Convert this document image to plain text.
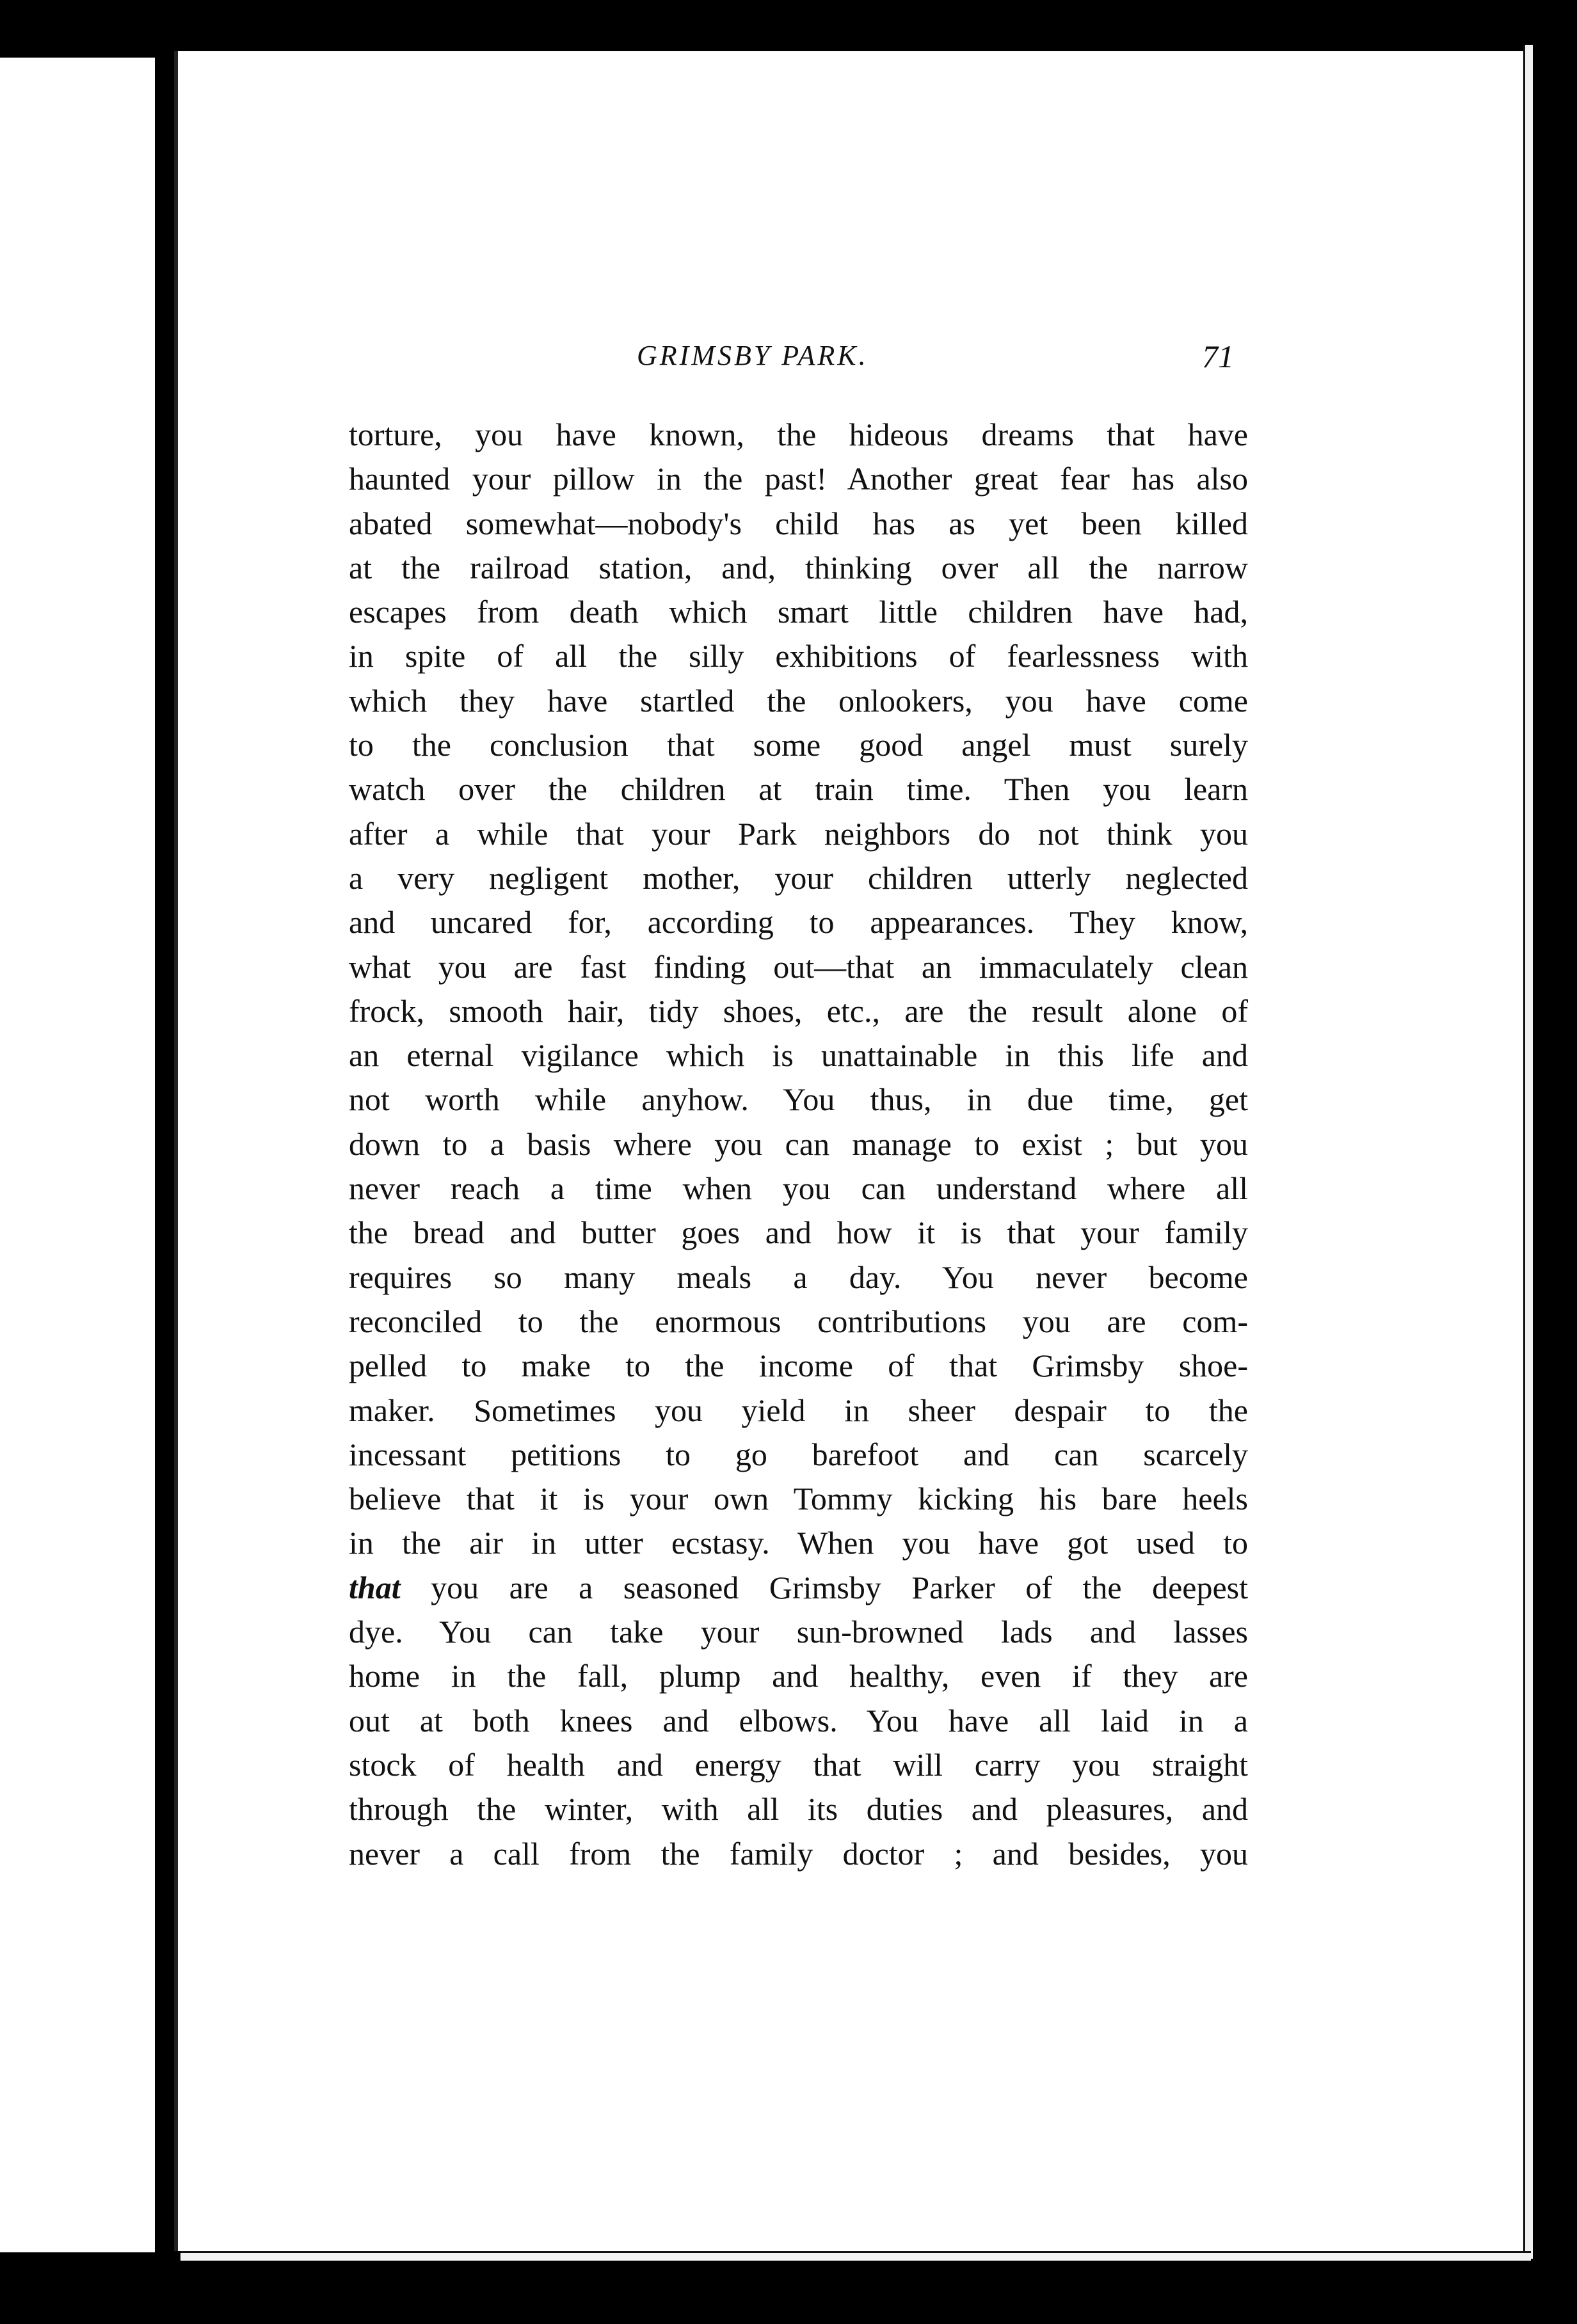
GRIMSBY PARK.	71
torture, you have known, the hideous dreams that have
haunted your pillow in the past! Another great fear has also
abated somewhat—nobody's child has as yet been killed
at the railroad station, and, thinking over all the narrow
escapes from death which smart little children have had,
in spite of all the silly exhibitions of fearlessness with
which they have startled the onlookers, you have come
to the conclusion that some good angel must surely
watch over the children at train time. Then you learn
after a while that your Park neighbors do not think you
a very negligent mother, your children utterly neglected
and uncared for, according to appearances. They know,
what you are fast finding out—that an immaculately clean
frock, smooth hair, tidy shoes, etc., are the result alone of
an eternal vigilance which is unattainable in this life and
not worth while anyhow. You thus, in due time, get
down to a basis where you can manage to exist ; but you
never reach a time when you can understand where all
the bread and butter goes and how it is that your family
requires so many meals a day. You never become
reconciled to the enormous contributions you are com-
pelled to make to the income of that Grimsby shoe-
maker. Sometimes you yield in sheer despair to the
incessant petitions to go barefoot and can scarcely
believe that it is your own Tommy kicking his bare heels
in the air in utter ecstasy. When you have got used to
that you are a seasoned Grimsby Parker of the deepest
dye. You can take your sun-browned lads and lasses
home in the fall, plump and healthy, even if they are
out at both knees and elbows. You have all laid in a
stock of health and energy that will carry you straight
through the winter, with all its duties and pleasures, and
never a call from the family doctor ; and besides, you
